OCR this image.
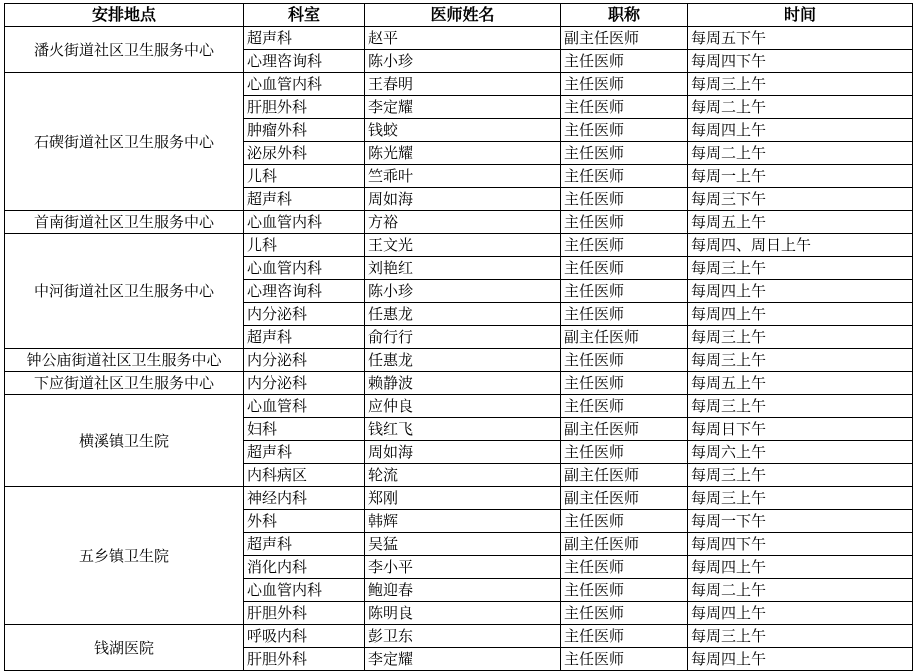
安排地点	科室	医师姓名	职称	时间
潘火街道社区卫生服务中心	超声科	赵平	副主任医师	每周五下午
	心理咨询科	陈小珍	主任医师	每周四下午
石碶街道社区卫生服务中心	心血管内科	王春明	主任医师	每周三上午
	肝胆外科	李定耀	主任医师	每周二上午
	肿瘤外科	钱蛟	主任医师	每周四上午
	泌尿外科	陈光耀	主任医师	每周二上午
	儿科	竺乖叶	主任医师	每周一上午
	超声科	周如海	主任医师	每周三下午
首南街道社区卫生服务中心	心血管内科	方裕	主任医师	每周五上午
中河街道社区卫生服务中心	儿科	王文光	主任医师	每周四、周日上午
	心血管内科	刘艳红	主任医师	每周三上午
	心理咨询科	陈小珍	主任医师	每周四上午
	内分泌科	任惠龙	主任医师	每周四上午
	超声科	俞行行	副主任医师	每周三上午
钟公庙街道社区卫生服务中心	内分泌科	任惠龙	主任医师	每周三上午
下应街道社区卫生服务中心	内分泌科	赖静波	主任医师	每周五上午
横溪镇卫生院	心血管科	应仲良	主任医师	每周三上午
	妇科	钱红飞	副主任医师	每周日下午
	超声科	周如海	主任医师	每周六上午
	内科病区	轮流	副主任医师	每周三上午
五乡镇卫生院	神经内科	郑刚	副主任医师	每周三上午
	外科	韩辉	主任医师	每周一下午
	超声科	吴猛	副主任医师	每周四下午
	消化内科	李小平	主任医师	每周四上午
	心血管内科	鲍迎春	主任医师	每周二上午
	肝胆外科	陈明良	主任医师	每周四上午
钱湖医院	呼吸内科	彭卫东	主任医师	每周三上午
	肝胆外科	李定耀	主任医师	每周四上午
